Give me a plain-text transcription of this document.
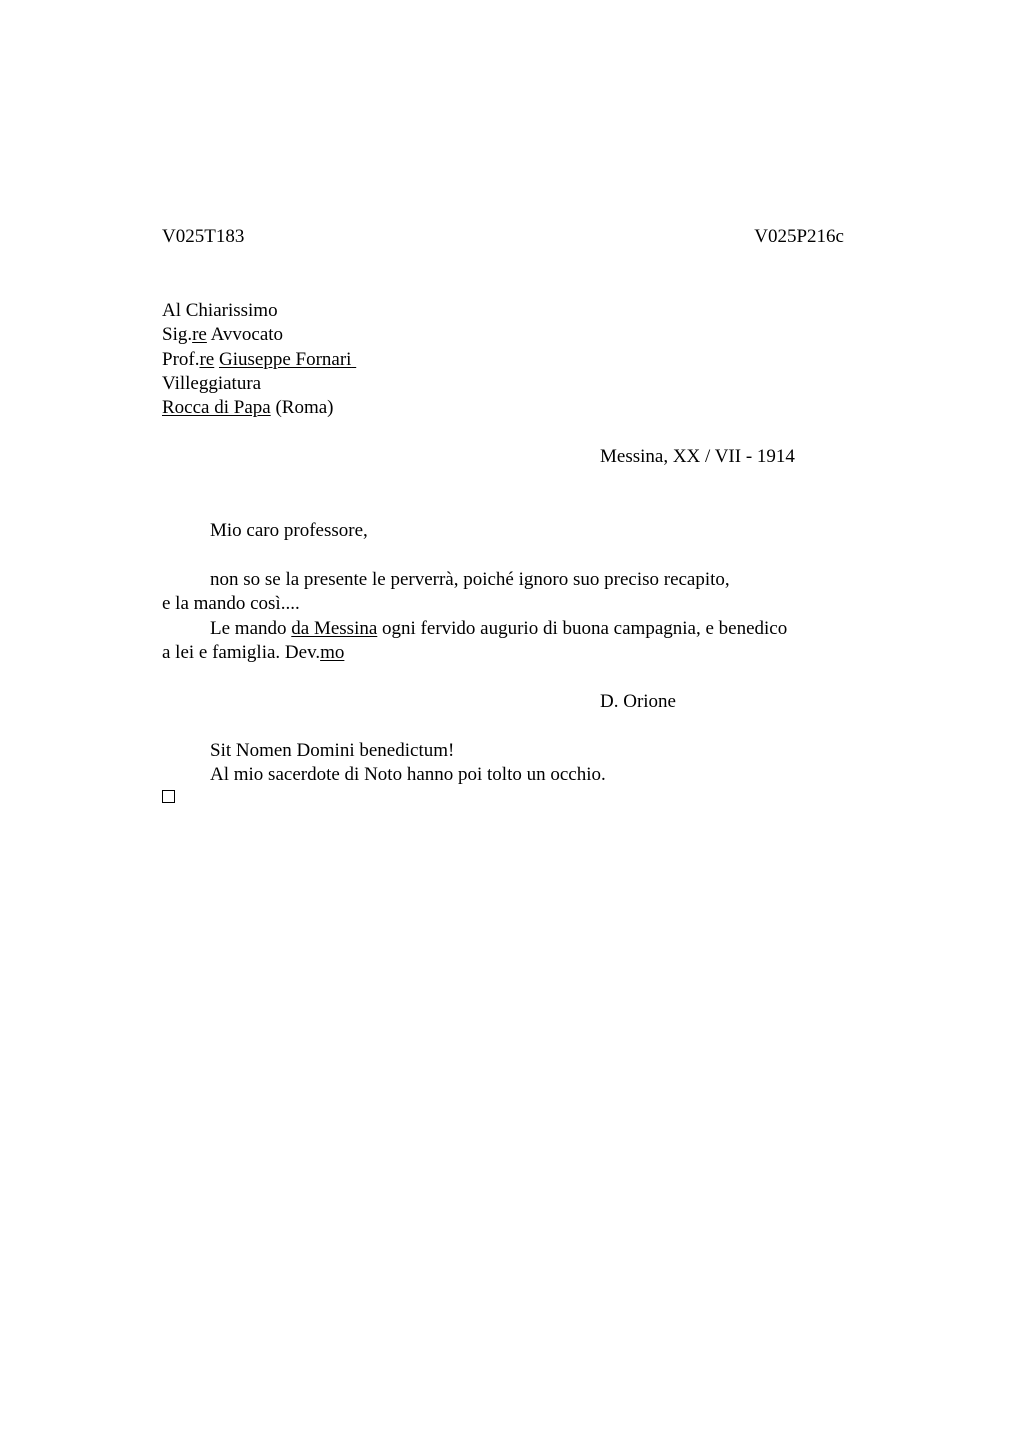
V025T183	V025P216c
Al Chiarissimo
Sig.re Avvocato
Prof.re Giuseppe Fornari
Villeggiatura
Rocca di Papa (Roma)
Messina, XX / VII - 1914
Mio caro professore,
non so se la presente le perverrà, poiché ignoro suo preciso recapito,
e la mando così....
Le mando da Messina ogni fervido augurio di buona campagnia, e benedico
a lei e famiglia. Dev.mo
D. Orione
Sit Nomen Domini benedictum!
Al mio sacerdote di Noto hanno poi tolto un occhio.
